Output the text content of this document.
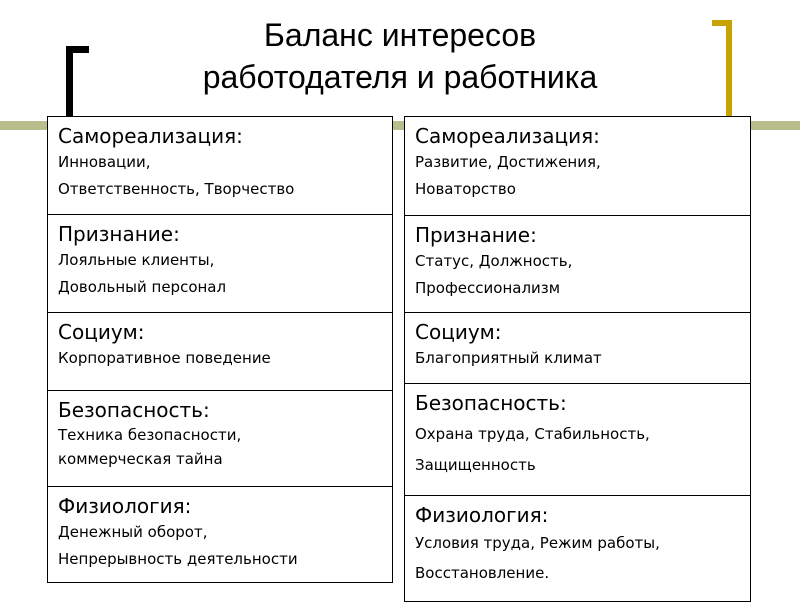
Баланс интересов
работодателя и работника
Самореализация:
Инновации,
Ответственность, Творчество
Признание:
Лояльные клиенты,
Довольный персонал
Социум:
Корпоративное поведение
Безопасность:
Техника безопасности,
коммерческая тайна
Физиология:
Денежный оборот,
Непрерывность деятельности
Самореализация:
Развитие, Достижения,
Новаторство
Признание:
Статус, Должность,
Профессионализм
Социум:
Благоприятный климат
Безопасность:
Охрана труда, Стабильность,
Защищенность
Физиология:
Условия труда, Режим работы,
Восстановление.
